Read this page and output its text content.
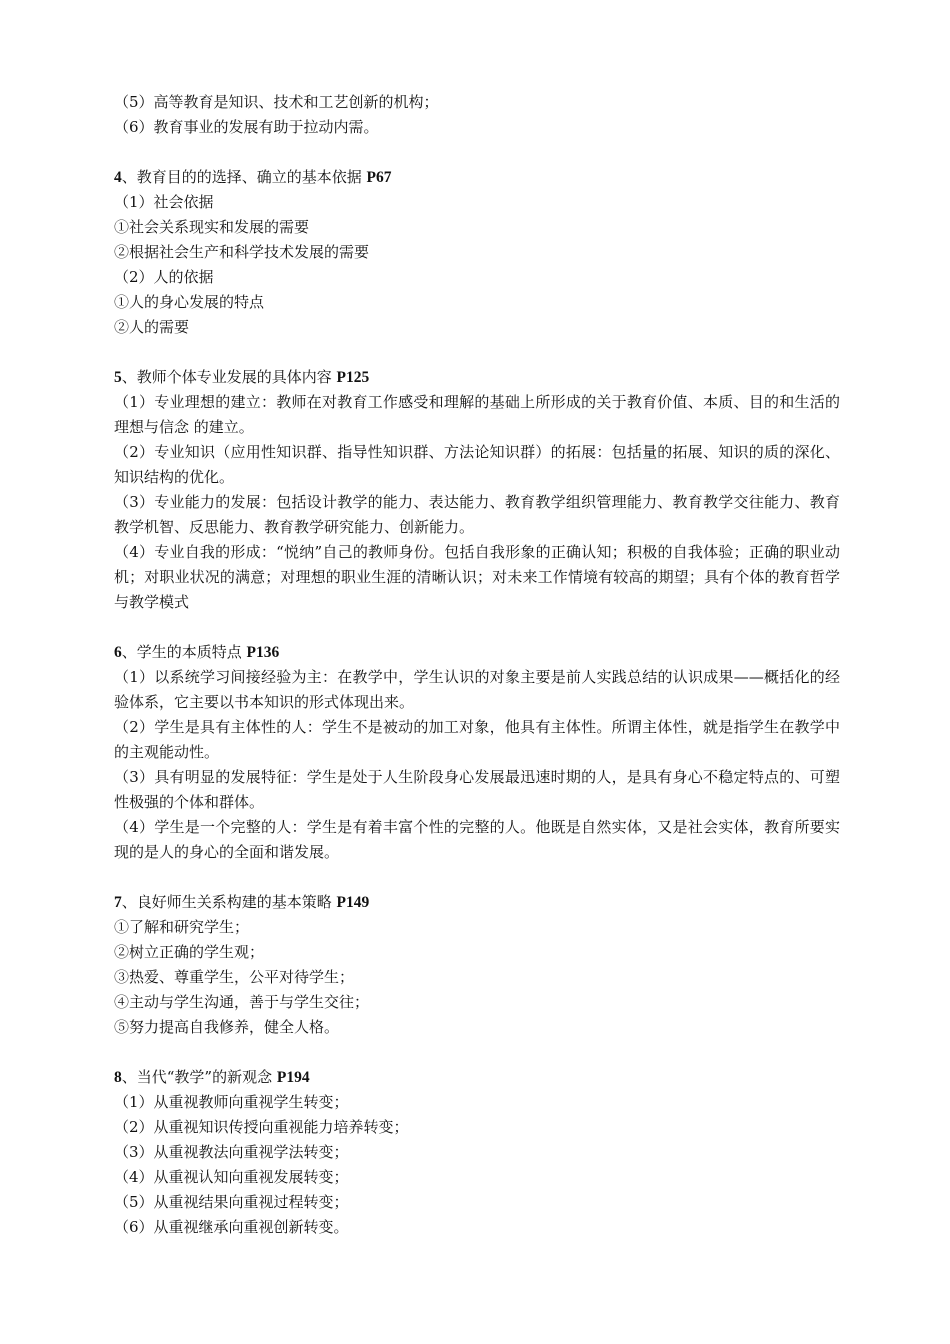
（5）高等教育是知识、技术和工艺创新的机构；
（6）教育事业的发展有助于拉动内需。
4、教育目的的选择、确立的基本依据 P67
（1）社会依据
①社会关系现实和发展的需要
②根据社会生产和科学技术发展的需要
（2）人的依据
①人的身心发展的特点
②人的需要
5、教师个体专业发展的具体内容 P125
（1）专业理想的建立：教师在对教育工作感受和理解的基础上所形成的关于教育价值、本质、目的和生活的理想与信念 的建立。
（2）专业知识（应用性知识群、指导性知识群、方法论知识群）的拓展：包括量的拓展、知识的质的深化、知识结构的优化。
（3）专业能力的发展：包括设计教学的能力、表达能力、教育教学组织管理能力、教育教学交往能力、教育教学机智、反思能力、教育教学研究能力、创新能力。
（4）专业自我的形成：“悦纳”自己的教师身份。包括自我形象的正确认知；积极的自我体验；正确的职业动机；对职业状况的满意；对理想的职业生涯的清晰认识；对未来工作情境有较高的期望；具有个体的教育哲学与教学模式
6、学生的本质特点 P136
（1）以系统学习间接经验为主：在教学中，学生认识的对象主要是前人实践总结的认识成果——概括化的经验体系，它主要以书本知识的形式体现出来。
（2）学生是具有主体性的人：学生不是被动的加工对象，他具有主体性。所谓主体性，就是指学生在教学中的主观能动性。
（3）具有明显的发展特征：学生是处于人生阶段身心发展最迅速时期的人，是具有身心不稳定特点的、可塑性极强的个体和群体。
（4）学生是一个完整的人：学生是有着丰富个性的完整的人。他既是自然实体，又是社会实体，教育所要实现的是人的身心的全面和谐发展。
7、良好师生关系构建的基本策略 P149
①了解和研究学生；
②树立正确的学生观；
③热爱、尊重学生，公平对待学生；
④主动与学生沟通，善于与学生交往；
⑤努力提高自我修养，健全人格。
8、当代“教学”的新观念 P194
（1）从重视教师向重视学生转变；
（2）从重视知识传授向重视能力培养转变；
（3）从重视教法向重视学法转变；
（4）从重视认知向重视发展转变；
（5）从重视结果向重视过程转变；
（6）从重视继承向重视创新转变。
